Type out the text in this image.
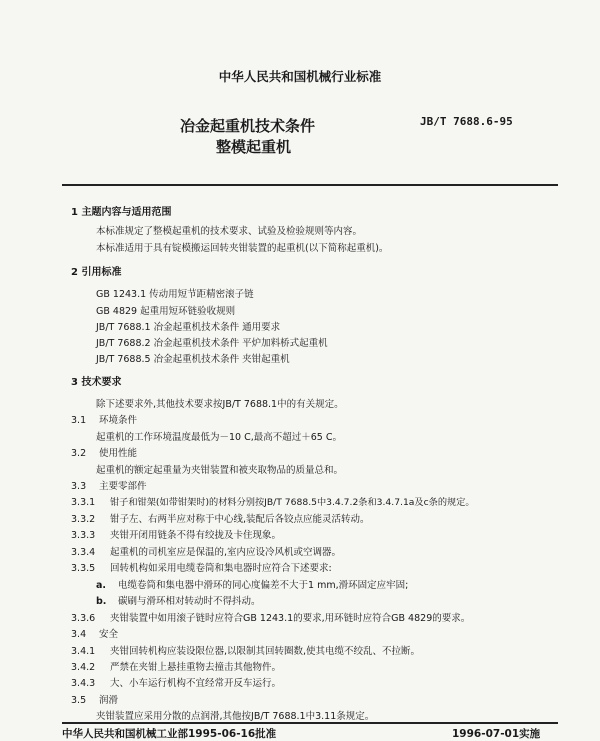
中华人民共和国机械行业标准
冶金起重机技术条件
整模起重机
JB/T 7688.6-95
1 主题内容与适用范围
本标准规定了整模起重机的技术要求、试验及检验规则等内容。
本标准适用于具有锭模搬运回转夹钳装置的起重机(以下简称起重机)。
2 引用标准
GB 1243.1 传动用短节距精密滚子链
GB 4829 起重用短环链验收规则
JB/T 7688.1 冶金起重机技术条件 通用要求
JB/T 7688.2 冶金起重机技术条件 平炉加料桥式起重机
JB/T 7688.5 冶金起重机技术条件 夹钳起重机
3 技术要求
除下述要求外,其他技术要求按JB/T 7688.1中的有关规定。
3.1 环境条件
起重机的工作环境温度最低为－10 C,最高不超过＋65 C。
3.2 使用性能
起重机的额定起重量为夹钳装置和被夹取物品的质量总和。
3.3 主要零部件
3.3.1 钳子和钳架(如带钳架时)的材料分别按JB/T 7688.5中3.4.7.2条和3.4.7.1a及c条的规定。
3.3.2 钳子左、右两半应对称于中心线,装配后各铰点应能灵活转动。
3.3.3 夹钳开闭用链条不得有绞拢及卡住现象。
3.3.4 起重机的司机室应是保温的,室内应设冷风机或空调器。
3.3.5 回转机构如采用电缆卷筒和集电器时应符合下述要求:
a. 电缆卷筒和集电器中滑环的同心度偏差不大于1 mm,滑环固定应牢固;
b. 碳刷与滑环相对转动时不得抖动。
3.3.6 夹钳装置中如用滚子链时应符合GB 1243.1的要求,用环链时应符合GB 4829的要求。
3.4 安全
3.4.1 夹钳回转机构应装设限位器,以限制其回转圈数,使其电缆不绞乱、不拉断。
3.4.2 严禁在夹钳上悬挂重物去撞击其他物件。
3.4.3 大、小车运行机构不宜经常开反车运行。
3.5 润滑
夹钳装置应采用分散的点润滑,其他按JB/T 7688.1中3.11条规定。
中华人民共和国机械工业部1995-06-16批准	1996-07-01实施
